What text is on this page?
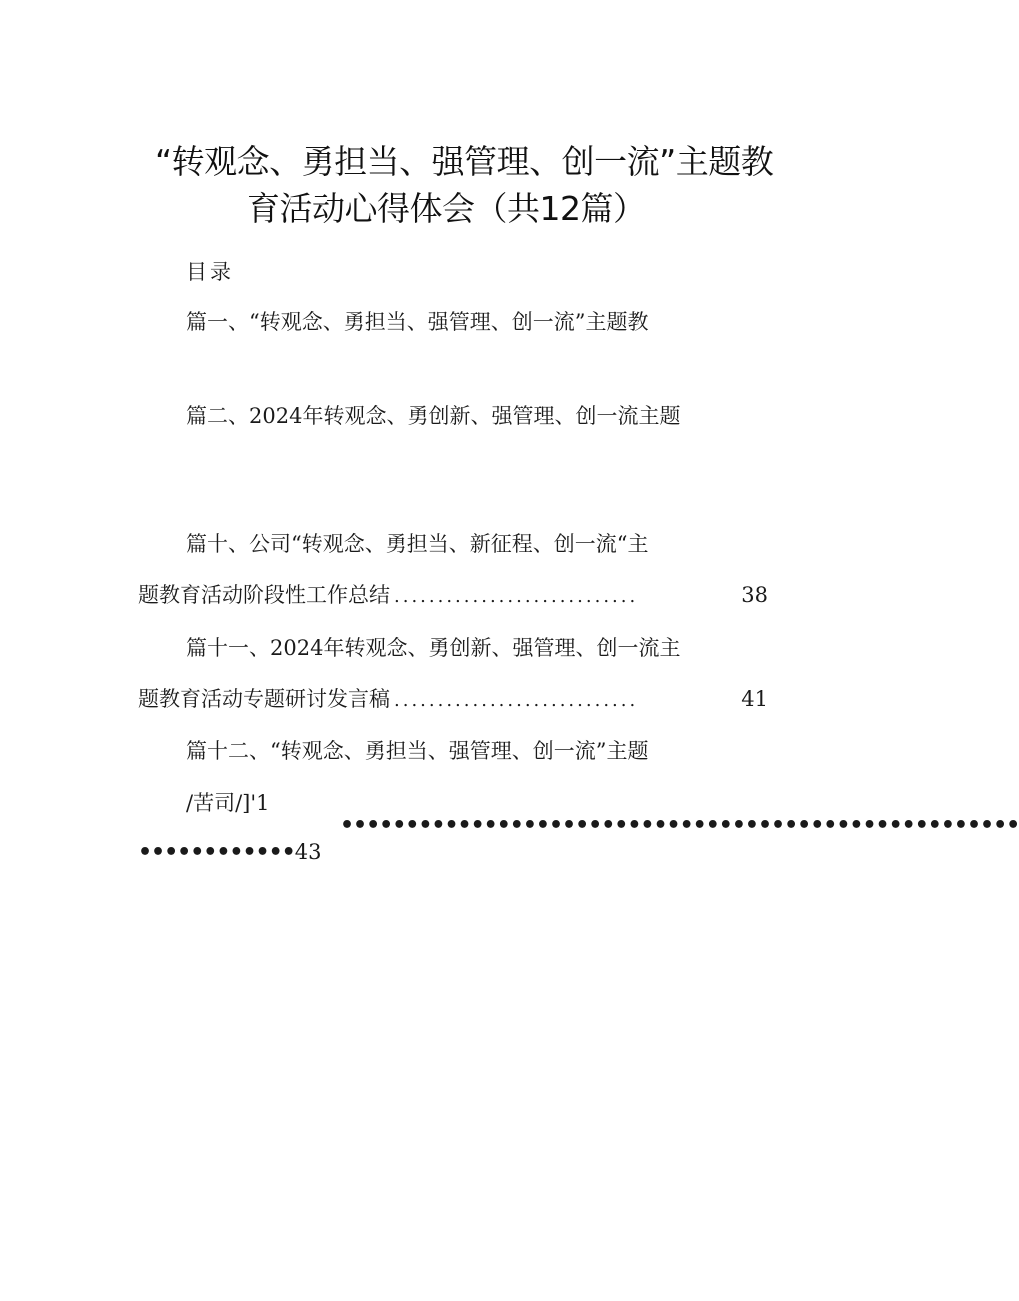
“转观念、勇担当、强管理、创一流”主题教
育活动心得体会（共12篇）
目录
篇一、“转观念、勇担当、强管理、创一流”主题教
篇二、2024年转观念、勇创新、强管理、创一流主题
篇十、公司“转观念、勇担当、新征程、创一流“主
题教育活动阶段性工作总结 ............................	38
篇十一、2024年转观念、勇创新、强管理、创一流主
题教育活动专题研讨发言稿 ............................	41
篇十二、“转观念、勇担当、强管理、创一流”主题
/苦司/]'1
••••••••••••••••••••••••••••••••••••••••••••••••••••
•••••••••••• 43
